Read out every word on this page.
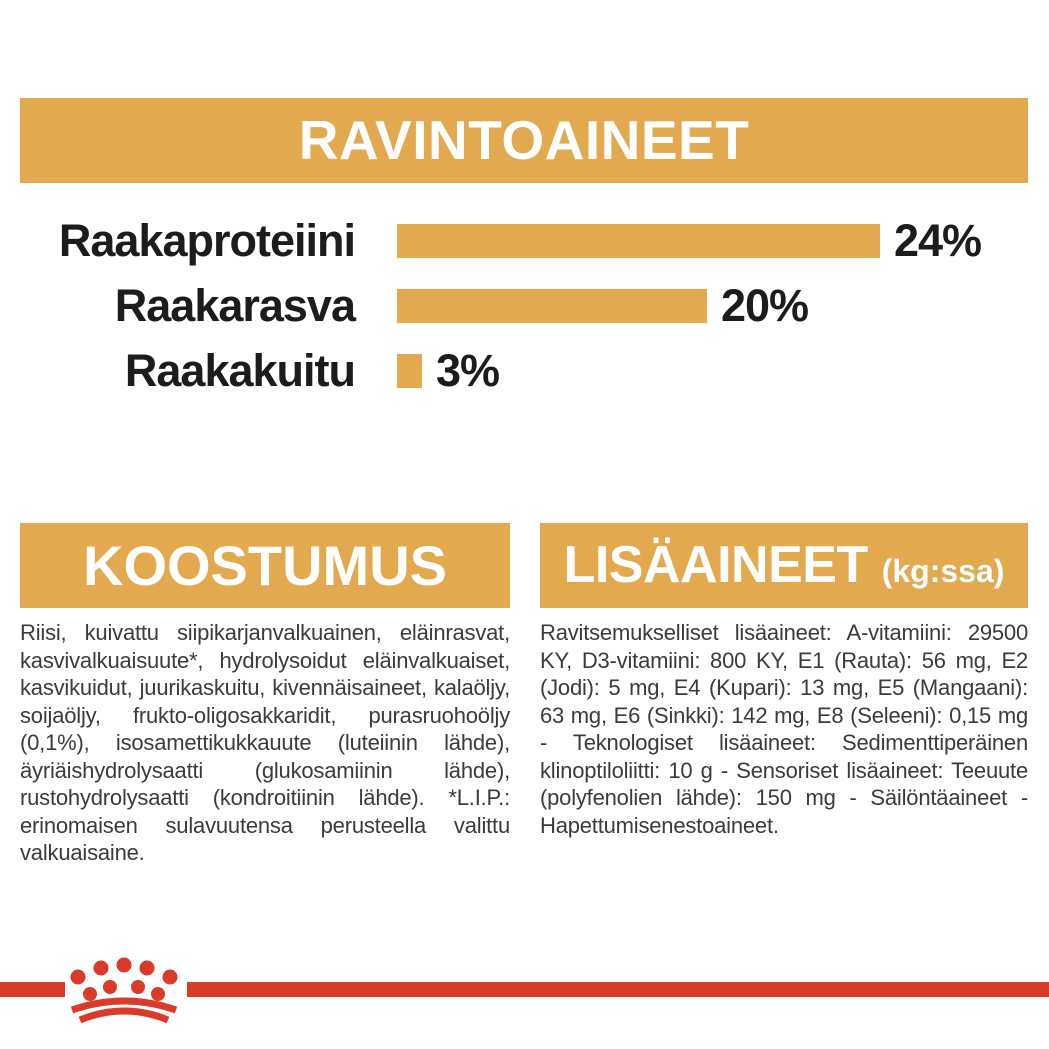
RAVINTOAINEET
Raakaproteiini	24%
Raakarasva	20%
Raakakuitu 3%
KOOSTUMUS	LISÄAINEET (kg:ssa)

Riisi, kuivattu siipikarjanvalkuainen, eläinrasvat, kasvivalkuaisuute*, hydrolysoidut eläinvalkuaiset, kasvikuidut, juurikaskuitu, kivennäisaineet, kalaöljy, soijaöljy, frukto-oligosakkaridit, purasruohoöljy (0,1%), isosamettikukkauute (luteiinin lähde), äyriäishydrolysaatti (glukosamiinin lähde), rustohydrolysaatti (kondroitiinin lähde). *L.I.P.: erinomaisen sulavuutensa perusteella valittu valkuaisaine.

Ravitsemukselliset lisäaineet: A-vitamiini: 29500 KY, D3-vitamiini: 800 KY, E1 (Rauta): 56 mg, E2 (Jodi): 5 mg, E4 (Kupari): 13 mg, E5 (Mangaani): 63 mg, E6 (Sinkki): 142 mg, E8 (Seleeni): 0,15 mg - Teknologiset lisäaineet: Sedimenttiperäinen klinoptiloliitti: 10 g - Sensoriset lisäaineet: Teeuute (polyfenolien lähde): 150 mg - Säilöntäaineet - Hapettumisenestoaineet.
